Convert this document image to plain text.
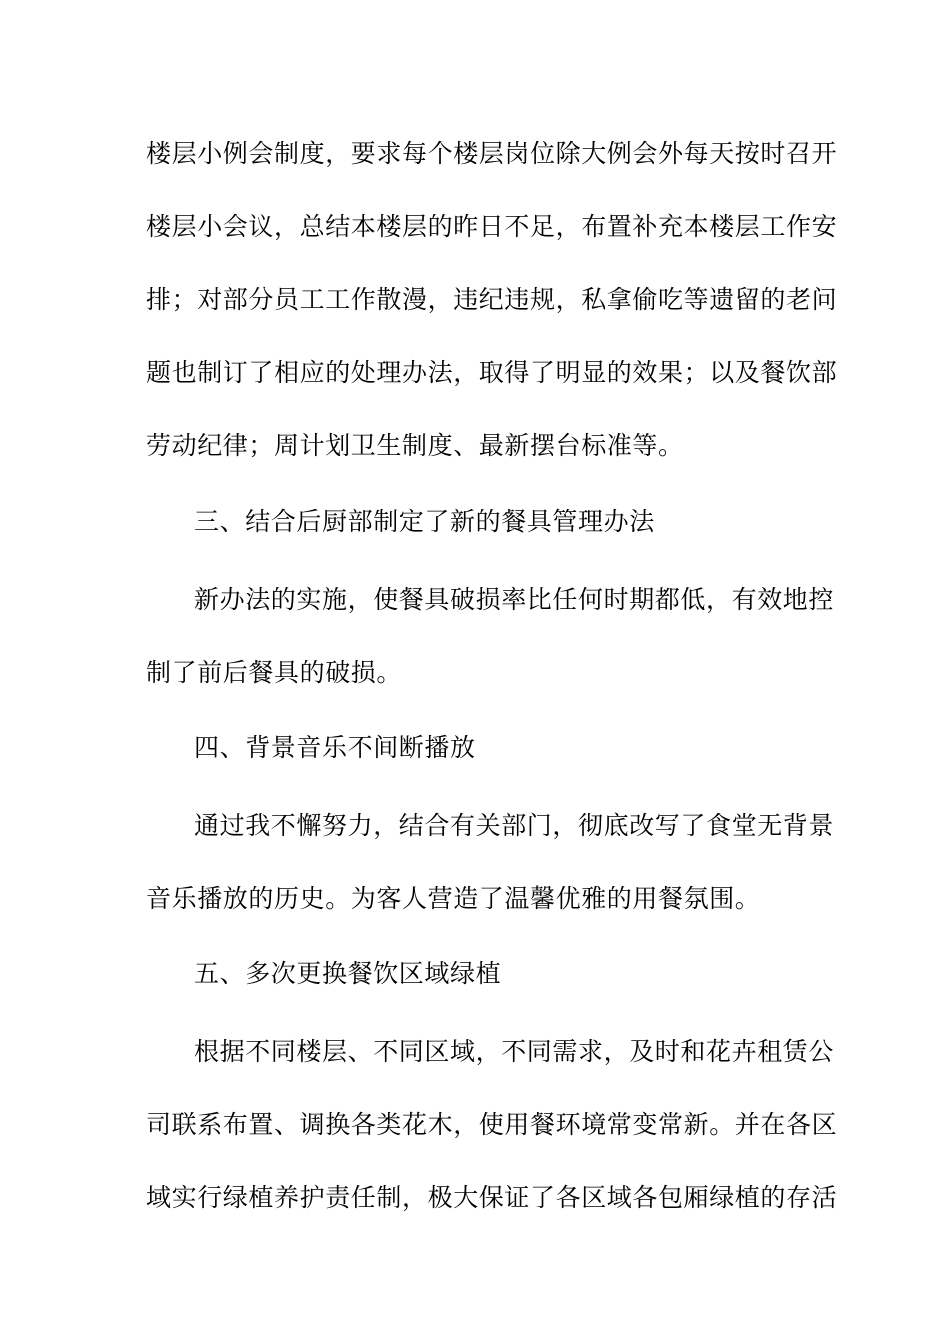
楼层小例会制度，要求每个楼层岗位除大例会外每天按时召开
楼层小会议，总结本楼层的昨日不足，布置补充本楼层工作安
排；对部分员工工作散漫，违纪违规，私拿偷吃等遗留的老问
题也制订了相应的处理办法，取得了明显的效果；以及餐饮部
劳动纪律；周计划卫生制度、最新摆台标准等。
三、结合后厨部制定了新的餐具管理办法
新办法的实施，使餐具破损率比任何时期都低，有效地控
制了前后餐具的破损。
四、背景音乐不间断播放
通过我不懈努力，结合有关部门，彻底改写了食堂无背景
音乐播放的历史。为客人营造了温馨优雅的用餐氛围。
五、多次更换餐饮区域绿植
根据不同楼层、不同区域，不同需求，及时和花卉租赁公
司联系布置、调换各类花木，使用餐环境常变常新。并在各区
域实行绿植养护责任制，极大保证了各区域各包厢绿植的存活
